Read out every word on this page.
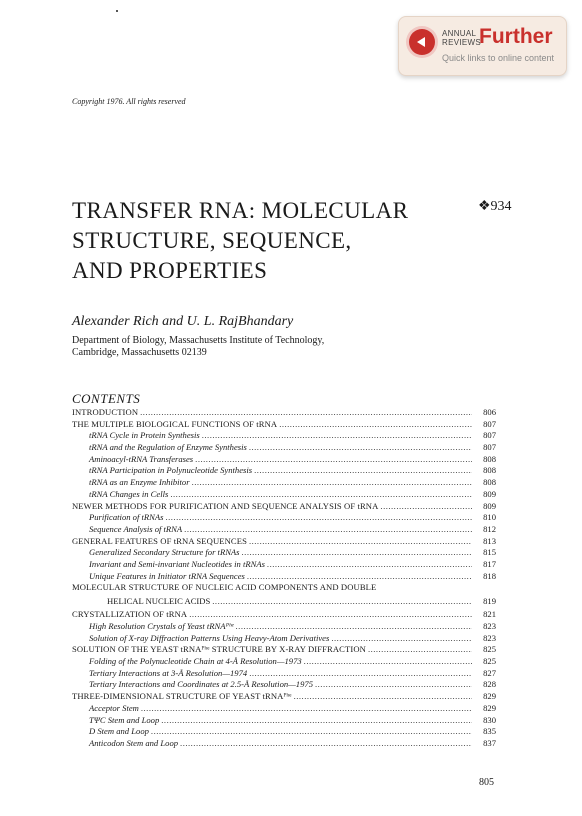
ANNUAL
REVIEWS
Further
Quick links to online content
Copyright 1976. All rights reserved
TRANSFER RNA: MOLECULAR
STRUCTURE, SEQUENCE,
AND PROPERTIES
❖934
Alexander Rich and U. L. RajBhandary
Department of Biology, Massachusetts Institute of Technology,
Cambridge, Massachusetts 02139
CONTENTS
INTRODUCTION .....	806
THE MULTIPLE BIOLOGICAL FUNCTIONS OF tRNA .....	807
tRNA Cycle in Protein Synthesis .....	807
tRNA and the Regulation of Enzyme Synthesis .....	807
Aminoacyl-tRNA Transferases .....	808
tRNA Participation in Polynucleotide Synthesis .....	808
tRNA as an Enzyme Inhibitor .....	808
tRNA Changes in Cells .....	809
NEWER METHODS FOR PURIFICATION AND SEQUENCE ANALYSIS OF tRNA .....	809
Purification of tRNAs .....	810
Sequence Analysis of tRNA .....	812
GENERAL FEATURES OF tRNA SEQUENCES .....	813
Generalized Secondary Structure for tRNAs .....	815
Invariant and Semi-invariant Nucleotides in tRNAs .....	817
Unique Features in Initiator tRNA Sequences .....	818
MOLECULAR STRUCTURE OF NUCLEIC ACID COMPONENTS AND DOUBLE
HELICAL NUCLEIC ACIDS .....	819
CRYSTALLIZATION OF tRNA .....	821
High Resolution Crystals of Yeast tRNAᴾʰᵉ .....	823
Solution of X-ray Diffraction Patterns Using Heavy-Atom Derivatives .....	823
SOLUTION OF THE YEAST tRNAᴾʰᵉ STRUCTURE BY X-RAY DIFFRACTION .....	825
Folding of the Polynucleotide Chain at 4-Å Resolution—1973 .....	825
Tertiary Interactions at 3-Å Resolution—1974 .....	827
Tertiary Interactions and Coordinates at 2.5-Å Resolution—1975 .....	828
THREE-DIMENSIONAL STRUCTURE OF YEAST tRNAᴾʰᵉ .....	829
Acceptor Stem .....	829
TΨC Stem and Loop .....	830
D Stem and Loop .....	835
Anticodon Stem and Loop .....	837
805
